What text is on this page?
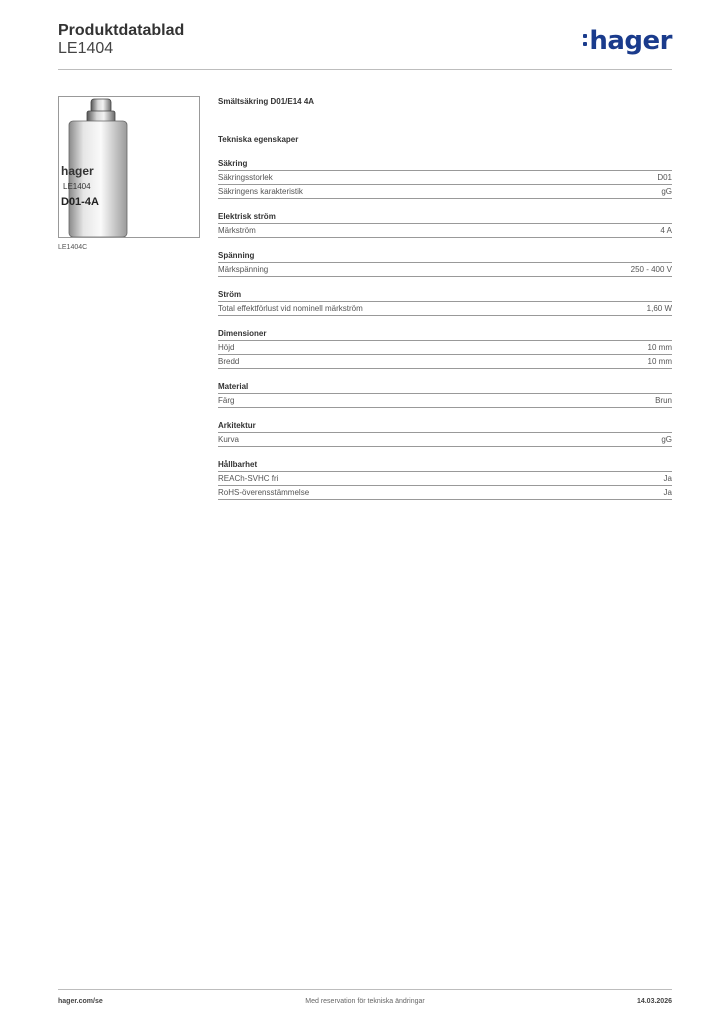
Produktdatablad
LE1404	hager
hager
LE1404
D01-4A
LE1404C
Smältsäkring D01/E14 4A
Tekniska egenskaper
Säkring
Säkringsstorlek	D01
Säkringens karakteristik	gG
Elektrisk ström
Märkström	4 A
Spänning
Märkspänning	250 - 400 V
Ström
Total effektförlust vid nominell märkström	1,60 W
Dimensioner
Höjd	10 mm
Bredd	10 mm
Material
Färg	Brun
Arkitektur
Kurva	gG
Hållbarhet
REACh-SVHC fri	Ja
RoHS-överensstämmelse	Ja
hager.com/se	Med reservation för tekniska ändringar	14.03.2026
